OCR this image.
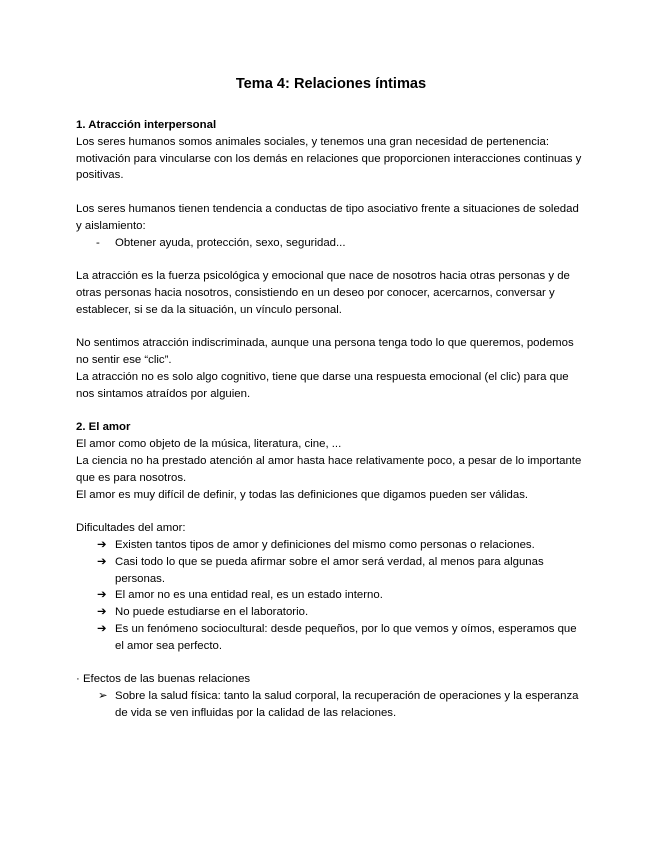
Tema 4: Relaciones íntimas

1. Atracción interpersonal

Los seres humanos somos animales sociales, y tenemos una gran necesidad de pertenencia: motivación para vincularse con los demás en relaciones que proporcionen interacciones continuas y positivas.

Los seres humanos tienen tendencia a conductas de tipo asociativo frente a situaciones de soledad y aislamiento:

-	Obtener ayuda, protección, sexo, seguridad...

La atracción es la fuerza psicológica y emocional que nace de nosotros hacia otras personas y de otras personas hacia nosotros, consistiendo en un deseo por conocer, acercarnos, conversar y establecer, si se da la situación, un vínculo personal.

No sentimos atracción indiscriminada, aunque una persona tenga todo lo que queremos, podemos no sentir ese “clic”.

La atracción no es solo algo cognitivo, tiene que darse una respuesta emocional (el clic) para que nos sintamos atraídos por alguien.

2. El amor

El amor como objeto de la música, literatura, cine, ...

La ciencia no ha prestado atención al amor hasta hace relativamente poco, a pesar de lo importante que es para nosotros.

El amor es muy difícil de definir, y todas las definiciones que digamos pueden ser válidas.

Dificultades del amor:

➔ Existen tantos tipos de amor y definiciones del mismo como personas o relaciones.
➔ Casi todo lo que se pueda afirmar sobre el amor será verdad, al menos para algunas personas.
➔ El amor no es una entidad real, es un estado interno.
➔ No puede estudiarse en el laboratorio.
➔ Es un fenómeno sociocultural: desde pequeños, por lo que vemos y oímos, esperamos que el amor sea perfecto.

· Efectos de las buenas relaciones

➢ Sobre la salud física: tanto la salud corporal, la recuperación de operaciones y la esperanza de vida se ven influidas por la calidad de las relaciones.
